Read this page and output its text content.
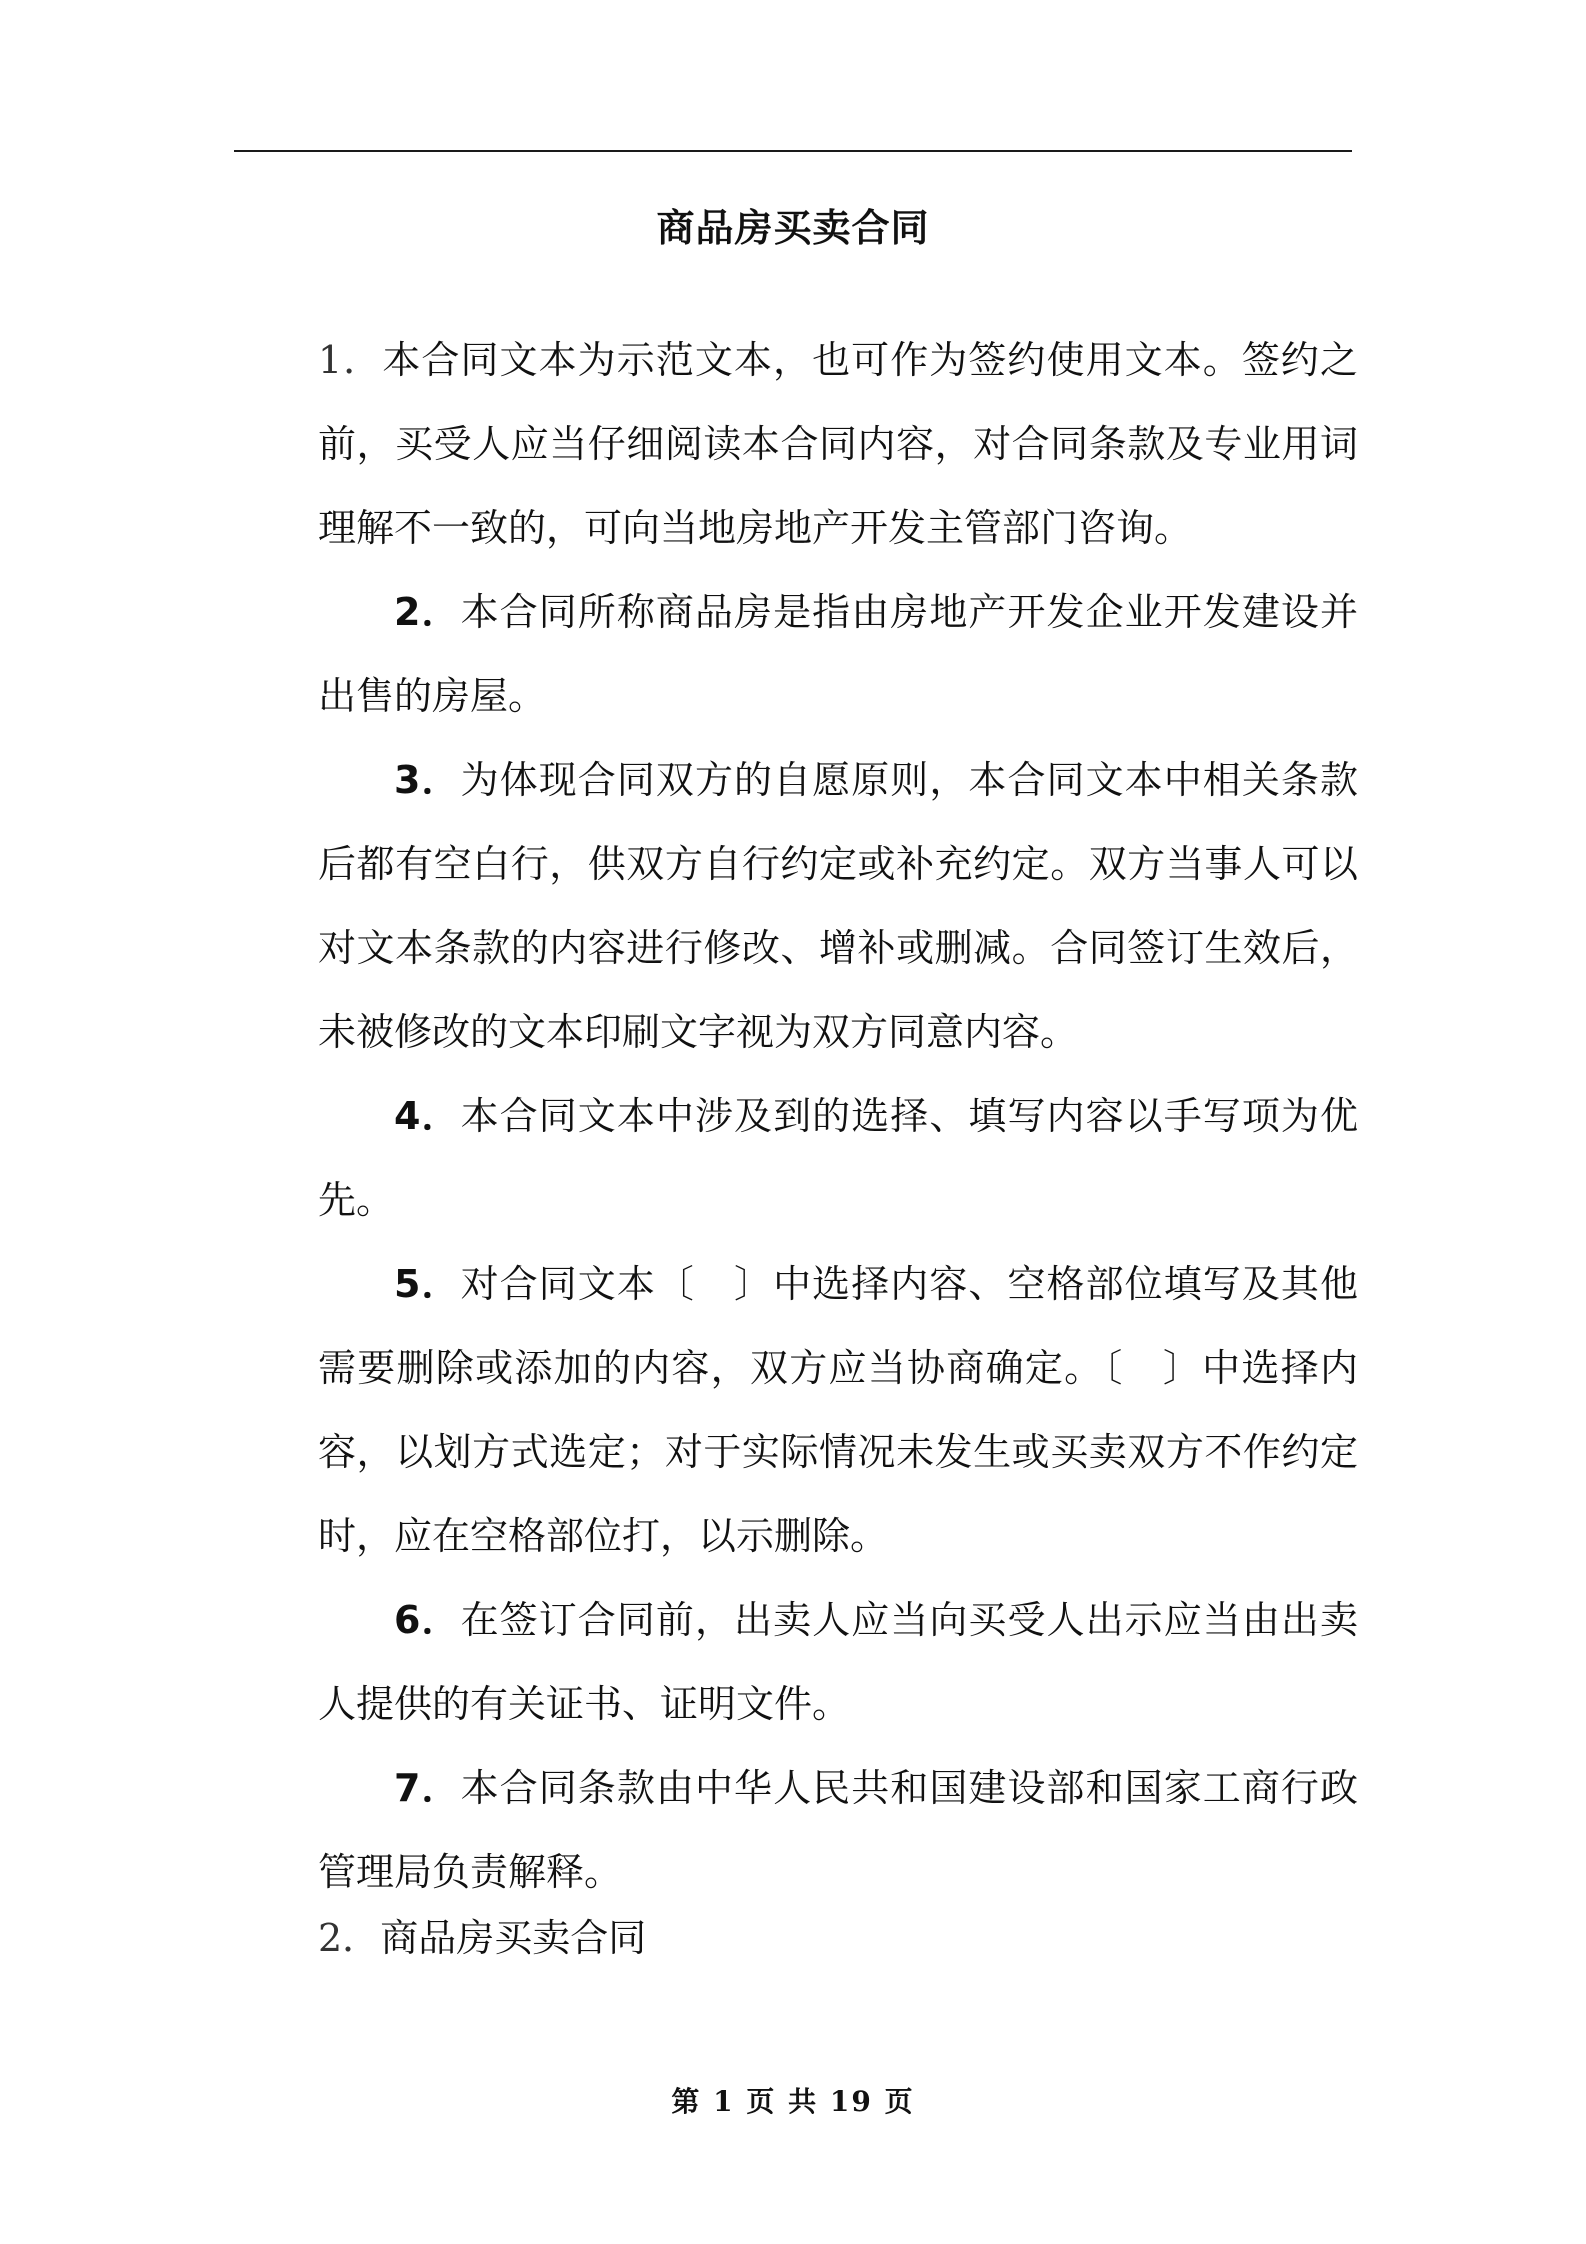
商品房买卖合同

1．本合同文本为示范文本，也可作为签约使用文本。签约之前，买受人应当仔细阅读本合同内容，对合同条款及专业用词理解不一致的，可向当地房地产开发主管部门咨询。

2．本合同所称商品房是指由房地产开发企业开发建设并出售的房屋。

3．为体现合同双方的自愿原则，本合同文本中相关条款后都有空白行，供双方自行约定或补充约定。双方当事人可以对文本条款的内容进行修改、增补或删减。合同签订生效后，未被修改的文本印刷文字视为双方同意内容。

4．本合同文本中涉及到的选择、填写内容以手写项为优先。

5．对合同文本〔　〕中选择内容、空格部位填写及其他需要删除或添加的内容，双方应当协商确定。〔　〕中选择内容，以划方式选定；对于实际情况未发生或买卖双方不作约定时，应在空格部位打，以示删除。

6．在签订合同前，出卖人应当向买受人出示应当由出卖人提供的有关证书、证明文件。

7．本合同条款由中华人民共和国建设部和国家工商行政管理局负责解释。

2．商品房买卖合同
第 1 页 共 19 页
